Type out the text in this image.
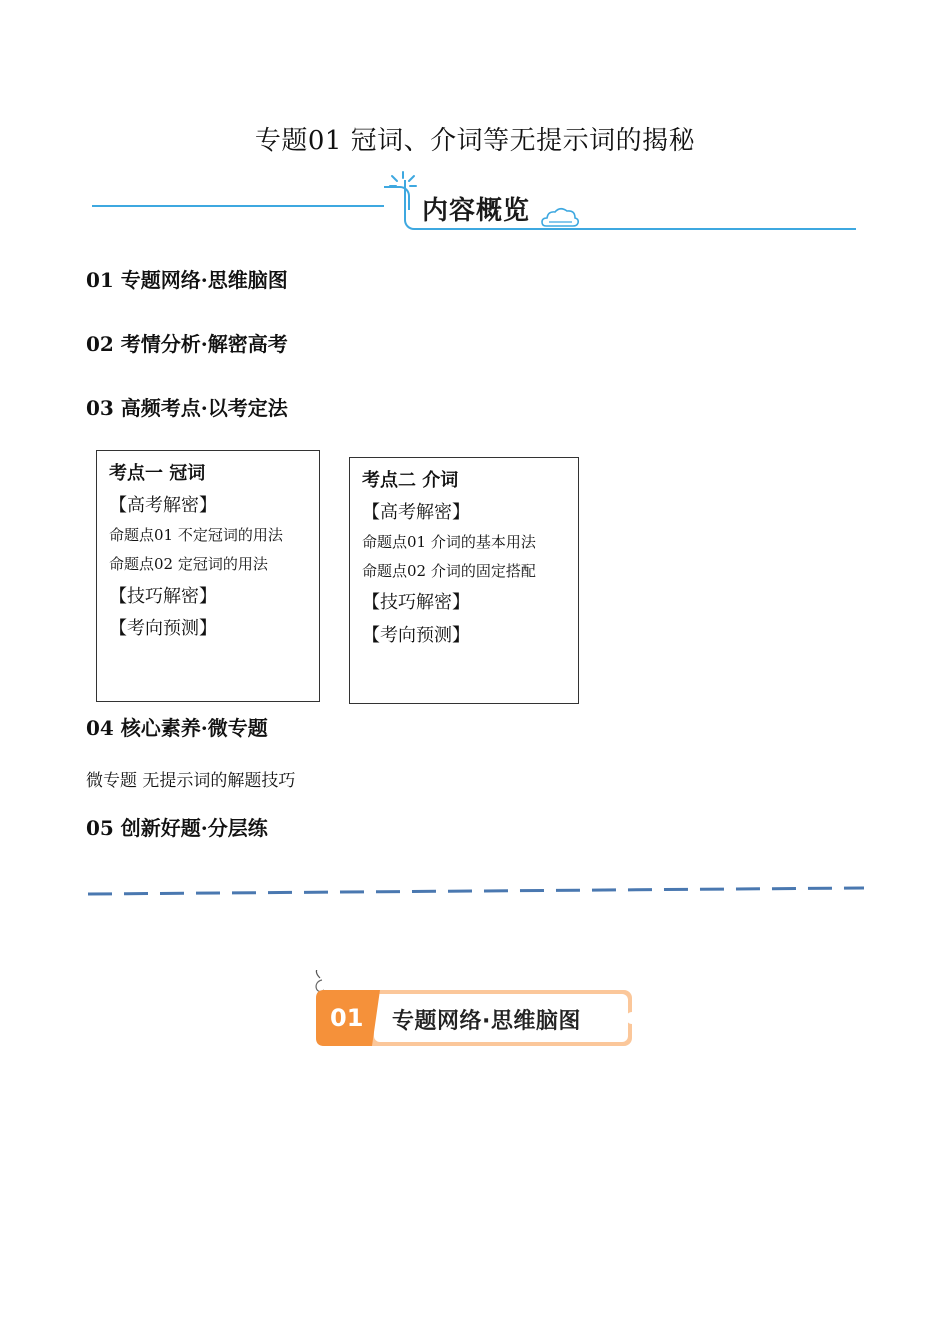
专题01 冠词、介词等无提示词的揭秘
内容概览
01 专题网络·思维脑图
02 考情分析·解密高考
03 高频考点·以考定法
考点一 冠词
【高考解密】
命题点01 不定冠词的用法
命题点02 定冠词的用法
【技巧解密】
【考向预测】
考点二 介词
【高考解密】
命题点01 介词的基本用法
命题点02 介词的固定搭配
【技巧解密】
【考向预测】
04 核心素养·微专题
微专题 无提示词的解题技巧
05 创新好题·分层练
01 专题网络·思维脑图
